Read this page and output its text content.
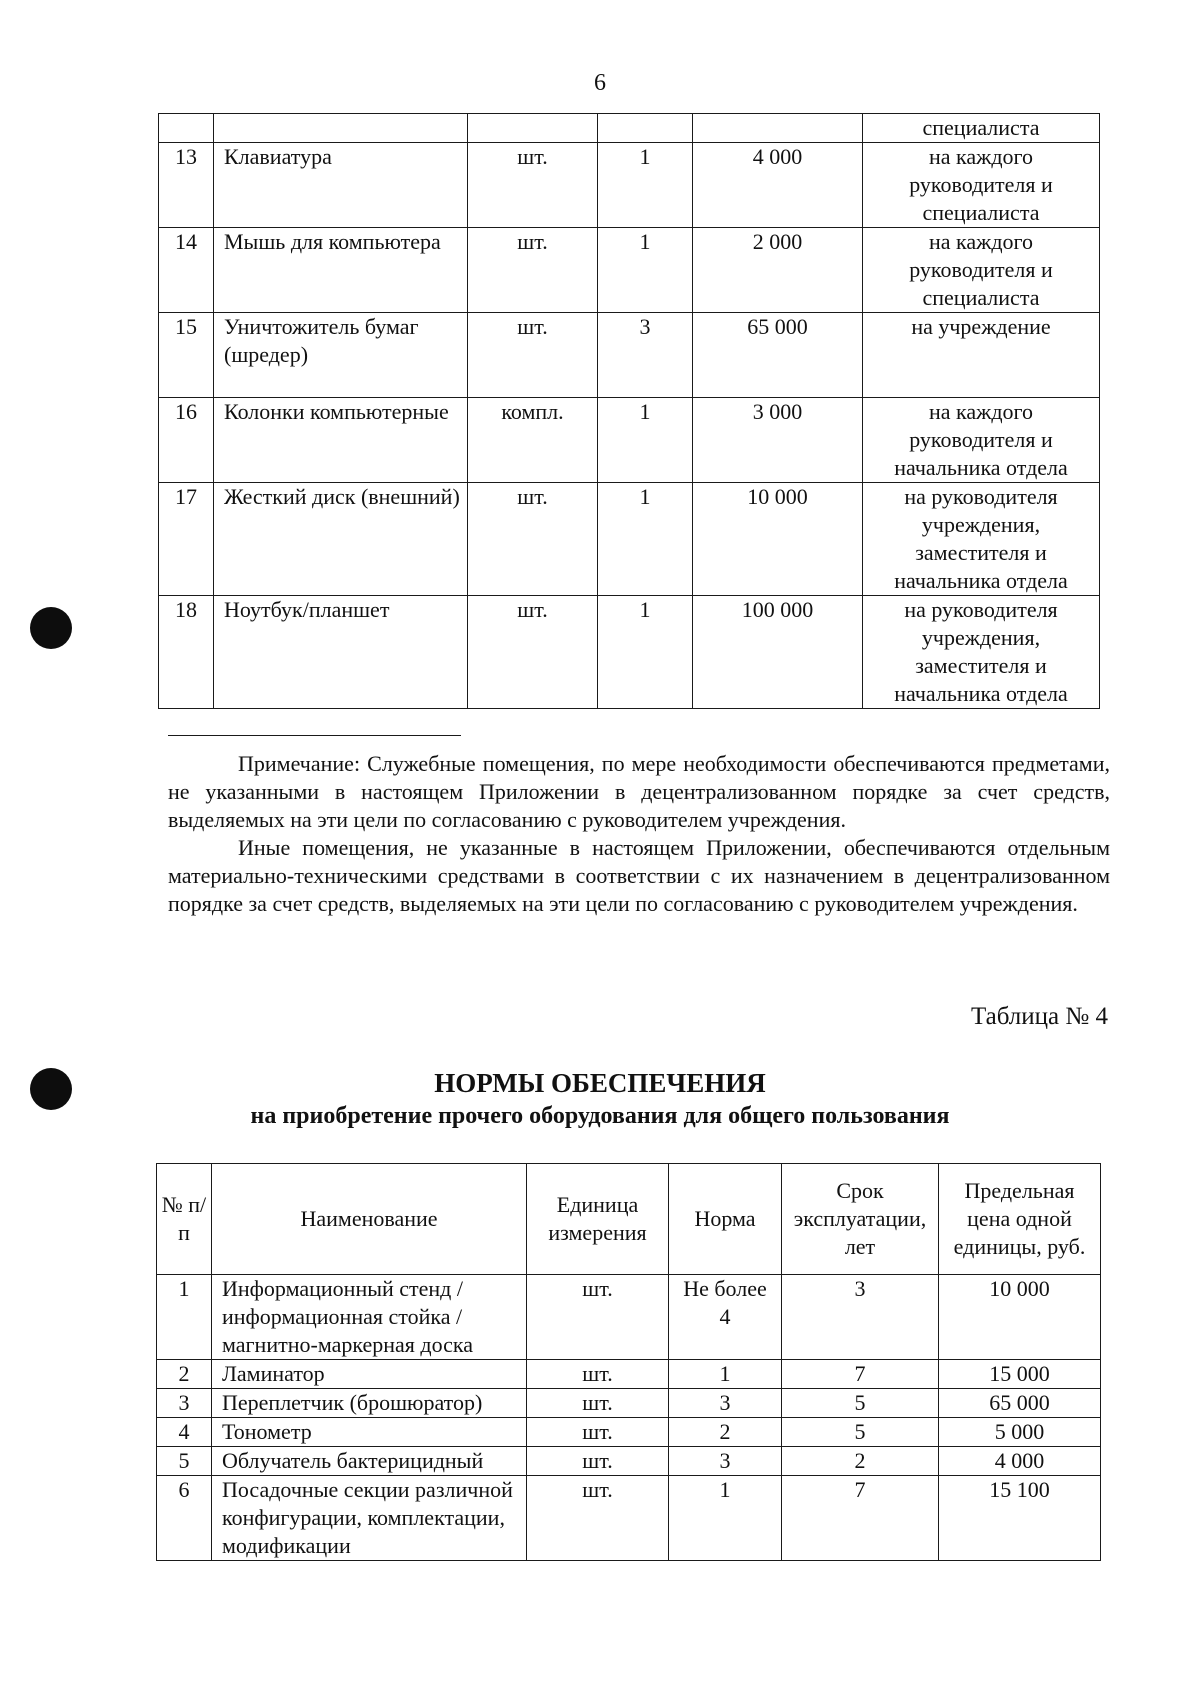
6
					специалиста
13	Клавиатура	шт.	1	4 000	на каждого руководителя и специалиста
14	Мышь для компьютера	шт.	1	2 000	на каждого руководителя и специалиста
15	Уничтожитель бумаг (шредер)	шт.	3	65 000	на учреждение
16	Колонки компьютерные	компл.	1	3 000	на каждого руководителя и начальника отдела
17	Жесткий диск (внешний)	шт.	1	10 000	на руководителя учреждения, заместителя и начальника отдела
18	Ноутбук/планшет	шт.	1	100 000	на руководителя учреждения, заместителя и начальника отдела

Примечание: Служебные помещения, по мере необходимости обеспечиваются предметами, не указанными в настоящем Приложении в децентрализованном порядке за счет средств, выделяемых на эти цели по согласованию с руководителем учреждения.

Иные помещения, не указанные в настоящем Приложении, обеспечиваются отдельным материально-техническими средствами в соответствии с их назначением в децентрализованном порядке за счет средств, выделяемых на эти цели по согласованию с руководителем учреждения.

Таблица № 4
НОРМЫ ОБЕСПЕЧЕНИЯ
на приобретение прочего оборудования для общего пользования
№ п/п	Наименование	Единица измерения	Норма	Срок эксплуатации, лет	Предельная цена одной единицы, руб.
1	Информационный стенд / информационная стойка / магнитно-маркерная доска	шт.	Не более 4	3	10 000
2	Ламинатор	шт.	1	7	15 000
3	Переплетчик (брошюратор)	шт.	3	5	65 000
4	Тонометр	шт.	2	5	5 000
5	Облучатель бактерицидный	шт.	3	2	4 000
6	Посадочные секции различной конфигурации, комплектации, модификации	шт.	1	7	15 100
